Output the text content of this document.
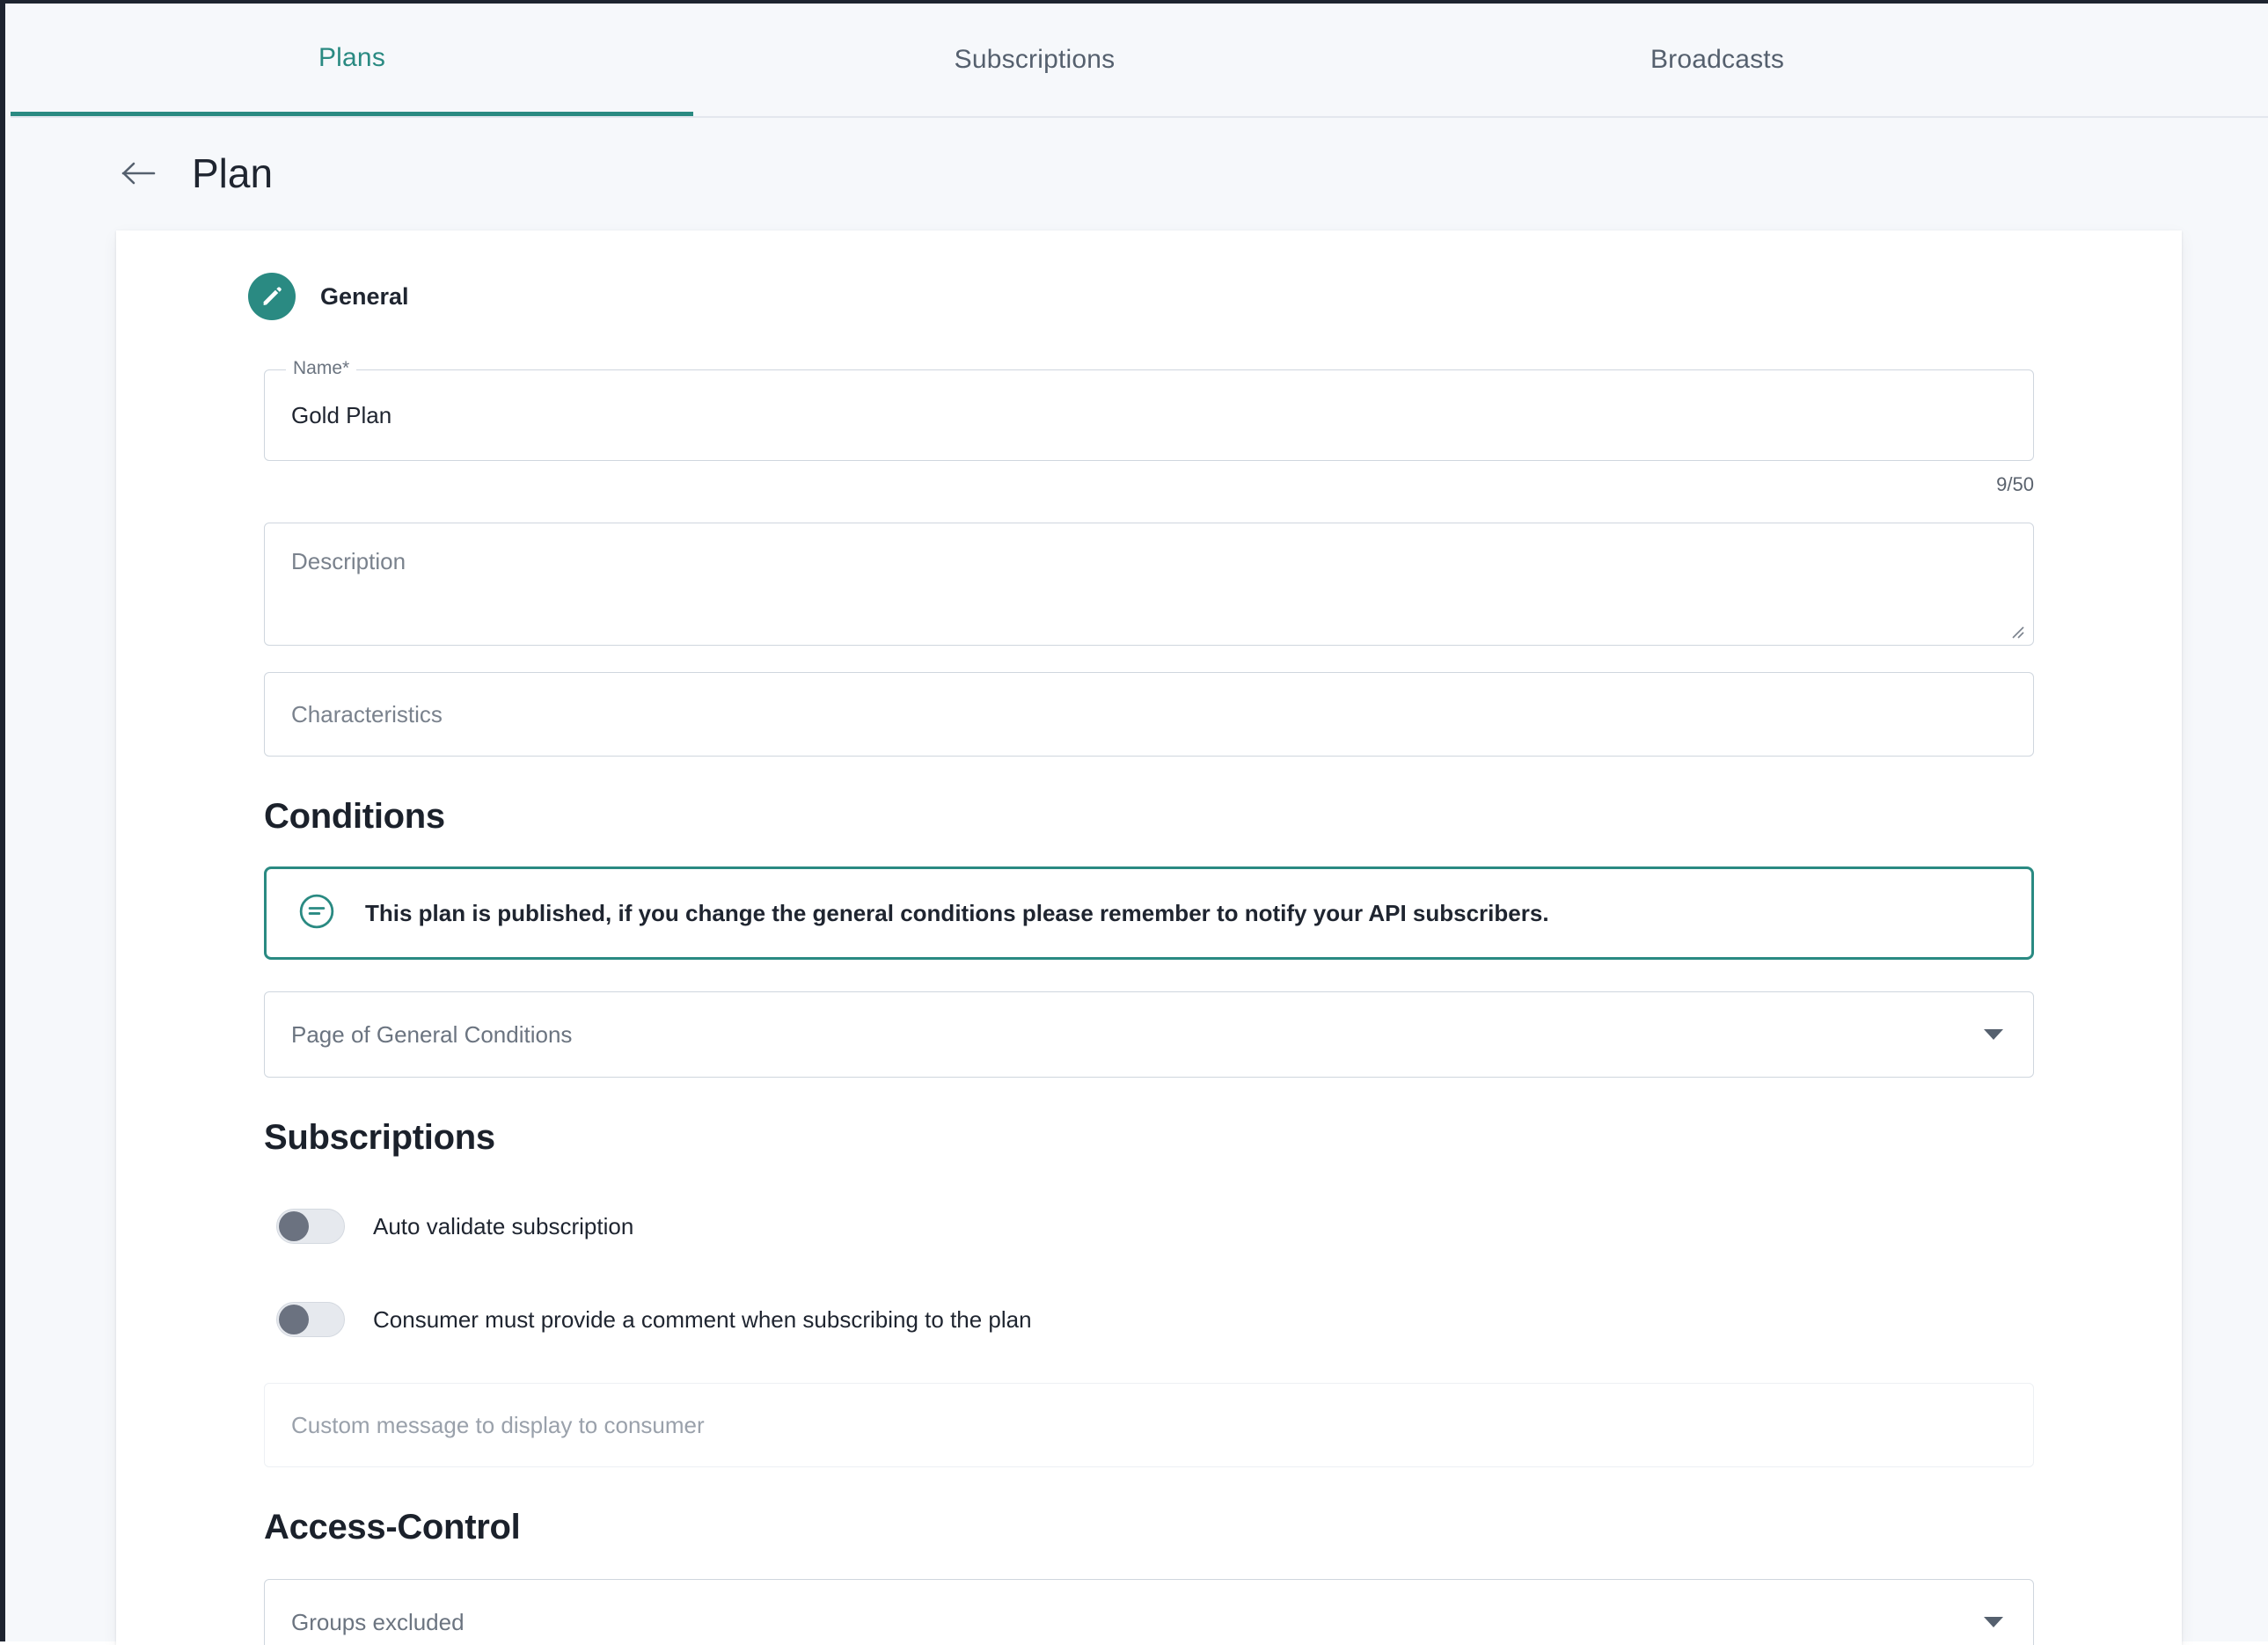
Plans	Subscriptions	Broadcasts
Plan
General
Name*
Gold Plan
9/50
Description
Characteristics
Conditions
This plan is published, if you change the general conditions please remember to notify your API subscribers.
Page of General Conditions
Subscriptions
Auto validate subscription
Consumer must provide a comment when subscribing to the plan
Custom message to display to consumer
Access-Control
Groups excluded
